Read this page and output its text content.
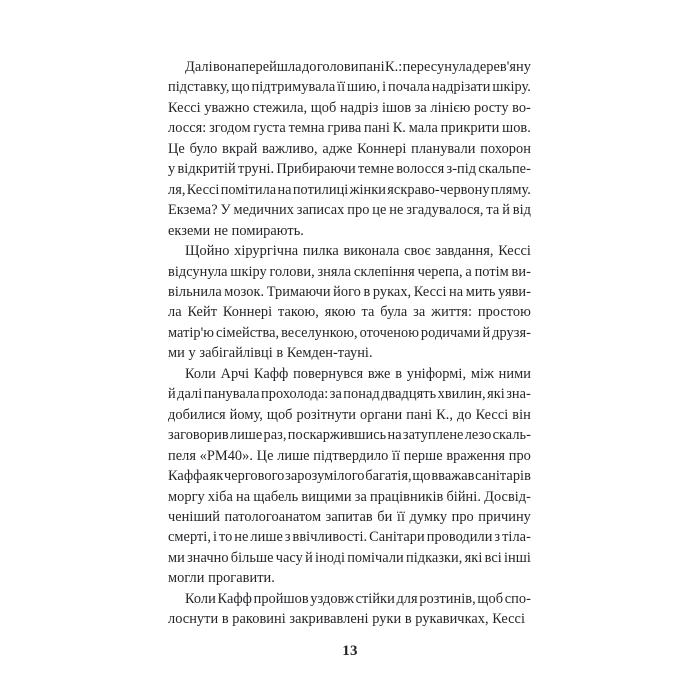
Далі вона перейшла до голови пані К.: пересунула дерев'яну
підставку, що підтримувала її шию, і почала надрізати шкіру.
Кессі уважно стежила, щоб надріз ішов за лінією росту во-
лосся: згодом густа темна грива пані К. мала прикрити шов.
Це було вкрай важливо, адже Коннері планували похорон
у відкритій труні. Прибираючи темне волосся з-під скальпе-
ля, Кессі помітила на потилиці жінки яскраво-червону пляму.
Екзема? У медичних записах про це не згадувалося, та й від
екземи не помирають.

Щойно хірургічна пилка виконала своє завдання, Кессі
відсунула шкіру голови, зняла склепіння черепа, а потім ви-
вільнила мозок. Тримаючи його в руках, Кессі на мить уяви-
ла Кейт Коннері такою, якою та була за життя: простою
матір'ю сімейства, веселункою, оточеною родичами й друзя-
ми у забігайлівці в Кемден-тауні.

Коли Арчі Кафф повернувся вже в уніформі, між ними
й далі панувала прохолода: за понад двадцять хвилин, які зна-
добилися йому, щоб розітнути органи пані К., до Кессі він
заговорив лише раз, поскаржившись на затуплене лезо скаль-
пеля «РМ40». Це лише підтвердило її перше враження про
Каффа як чергового зарозумілого багатія, що вважав санітарів
моргу хіба на щабель вищими за працівників бійні. Досвід-
ченіший патологоанатом запитав би її думку про причину
смерті, і то не лише з ввічливості. Санітари проводили з тіла-
ми значно більше часу й іноді помічали підказки, які всі інші
могли прогавити.

Коли Кафф пройшов уздовж стійки для розтинів, щоб спо-
лоснути в раковині закривавлені руки в рукавичках, Кессі

13
